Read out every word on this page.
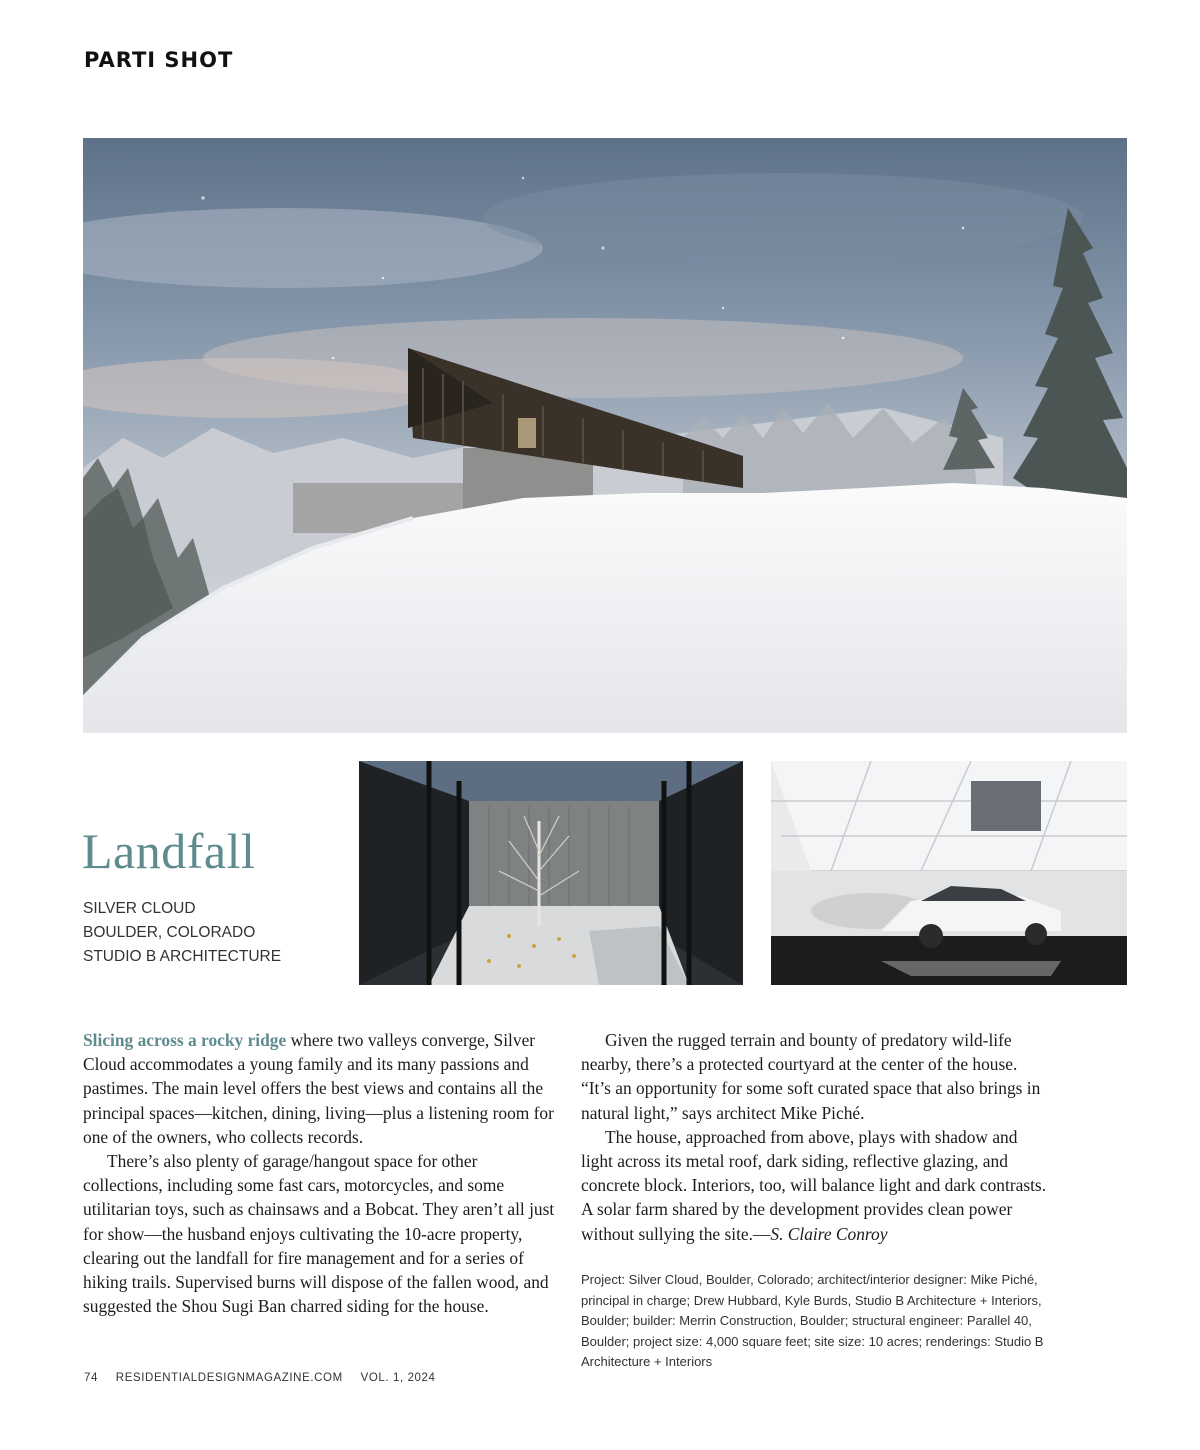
PARTI SHOT
Landfall
SILVER CLOUD
BOULDER, COLORADO
STUDIO B ARCHITECTURE

Slicing across a rocky ridge where two valleys converge, Silver Cloud accommodates a young family and its many passions and pastimes. The main level offers the best views and contains all the principal spaces—kitchen, dining, living—plus a listening room for one of the owners, who collects records.

There’s also plenty of garage/hangout space for other collections, including some fast cars, motorcycles, and some utilitarian toys, such as chainsaws and a Bobcat. They aren’t all just for show—the husband enjoys cultivating the 10-acre property, clearing out the landfall for fire management and for a series of hiking trails. Supervised burns will dispose of the fallen wood, and suggested the Shou Sugi Ban charred siding for the house.

Given the rugged terrain and bounty of predatory wild-life nearby, there’s a protected courtyard at the center of the house. “It’s an opportunity for some soft curated space that also brings in natural light,” says architect Mike Piché.

The house, approached from above, plays with shadow and light across its metal roof, dark siding, reflective glazing, and concrete block. Interiors, too, will balance light and dark contrasts. A solar farm shared by the development provides clean power without sullying the site.—S. Claire Conroy

Project: Silver Cloud, Boulder, Colorado; architect/interior designer: Mike Piché, principal in charge; Drew Hubbard, Kyle Burds, Studio B Architecture + Interiors, Boulder; builder: Merrin Construction, Boulder; structural engineer: Parallel 40, Boulder; project size: 4,000 square feet; site size: 10 acres; renderings: Studio B Architecture + Interiors
74 RESIDENTIALDESIGNMAGAZINE.COM VOL. 1, 2024
